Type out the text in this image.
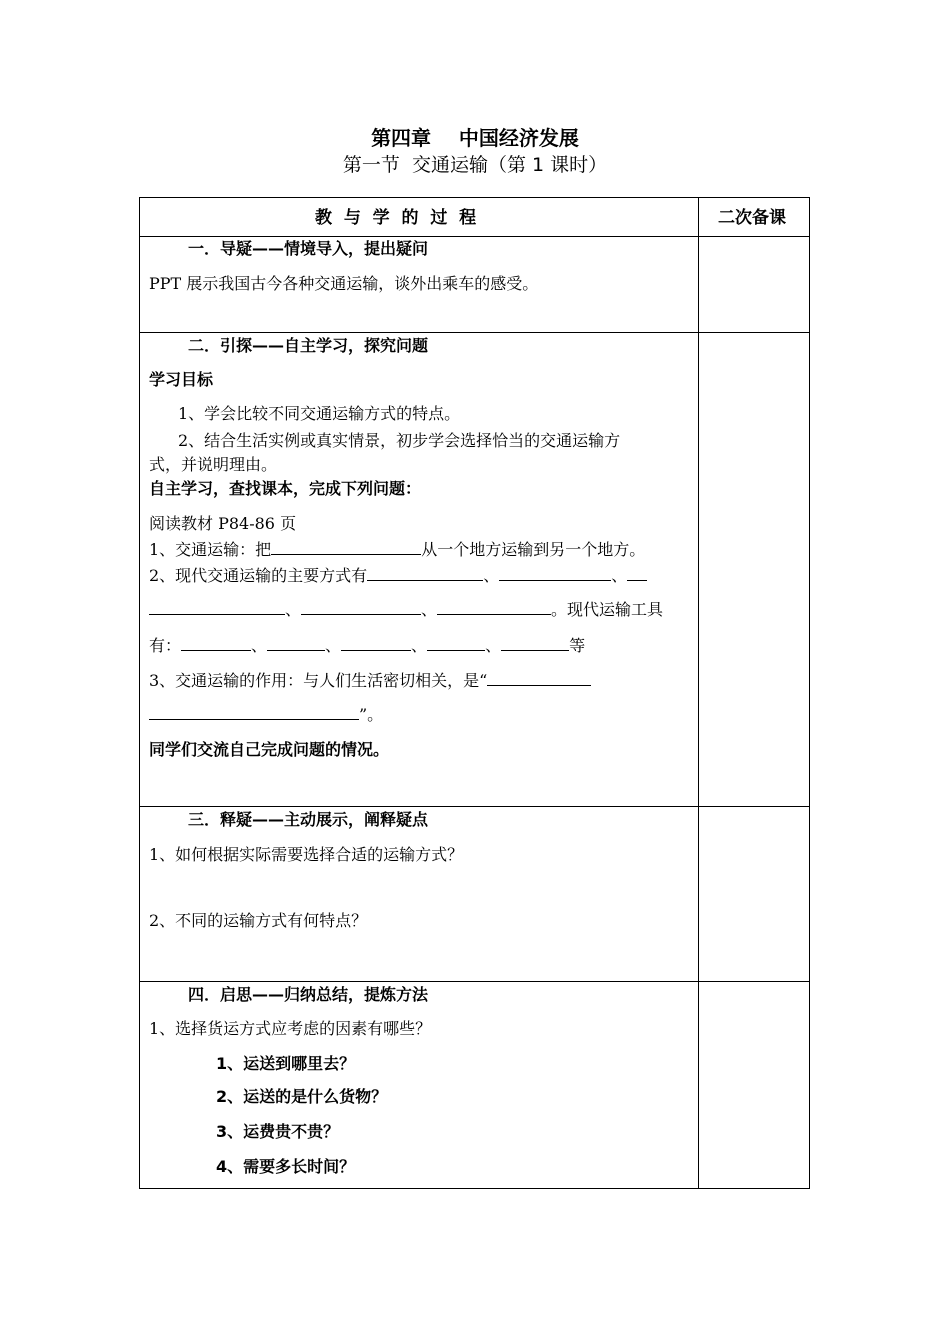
第四章    中国经济发展
第一节  交通运输（第 1 课时）
教  与  学  的  过  程	二次备课
一．导疑——情境导入，提出疑问
PPT 展示我国古今各种交通运输，谈外出乘车的感受。
二．引探——自主学习，探究问题
学习目标
1、学会比较不同交通运输方式的特点。
2、结合生活实例或真实情景，初步学会选择恰当的交通运输方
式，并说明理由。
自主学习，查找课本，完成下列问题：
阅读教材 P84-86 页
1、交通运输：把	从一个地方运输到另一个地方。
2、现代交通运输的主要方式有	、	、
、	、	。现代运输工具
有：	、	、	、	、	等
3、交通运输的作用：与人们生活密切相关，是“
”。
同学们交流自己完成问题的情况。
三．释疑——主动展示，阐释疑点
1、如何根据实际需要选择合适的运输方式？
2、不同的运输方式有何特点？
四．启思——归纳总结，提炼方法
1、选择货运方式应考虑的因素有哪些？
1、运送到哪里去？
2、运送的是什么货物？
3、运费贵不贵？
4、需要多长时间？
